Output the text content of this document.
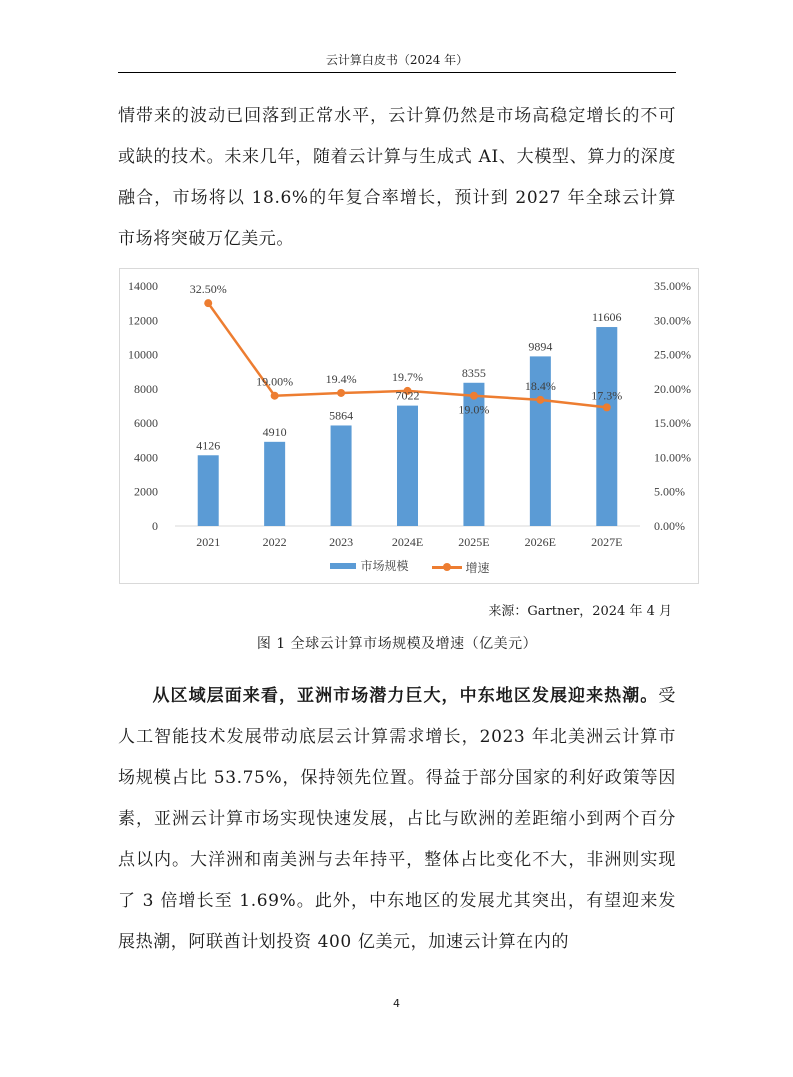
云计算白皮书（2024 年）

情带来的波动已回落到正常水平，云计算仍然是市场高稳定增长的不可或缺的技术。未来几年，随着云计算与生成式 AI、大模型、算力的深度融合，市场将以 18.6%的年复合率增长，预计到 2027 年全球云计算市场将突破万亿美元。

0
2000
4000
6000
8000
10000
12000
14000
0.00%
5.00%
10.00%
15.00%
20.00%
25.00%
30.00%
35.00%
2021	2022	2023	2024E	2025E	2026E	2027E
4126
4910
5864
7022
8355
9894
11606
32.50%
19.00%	19.4%	19.7%
19.0%
18.4%
17.3%
市场规模
	增速
来源：Gartner，2024 年 4 月
图 1 全球云计算市场规模及增速（亿美元）

从区域层面来看，亚洲市场潜力巨大，中东地区发展迎来热潮。受人工智能技术发展带动底层云计算需求增长，2023 年北美洲云计算市场规模占比 53.75%，保持领先位置。得益于部分国家的利好政策等因素，亚洲云计算市场实现快速发展，占比与欧洲的差距缩小到两个百分点以内。大洋洲和南美洲与去年持平，整体占比变化不大，非洲则实现了 3 倍增长至 1.69%。此外，中东地区的发展尤其突出，有望迎来发展热潮，阿联酋计划投资 400 亿美元，加速云计算在内的

4
